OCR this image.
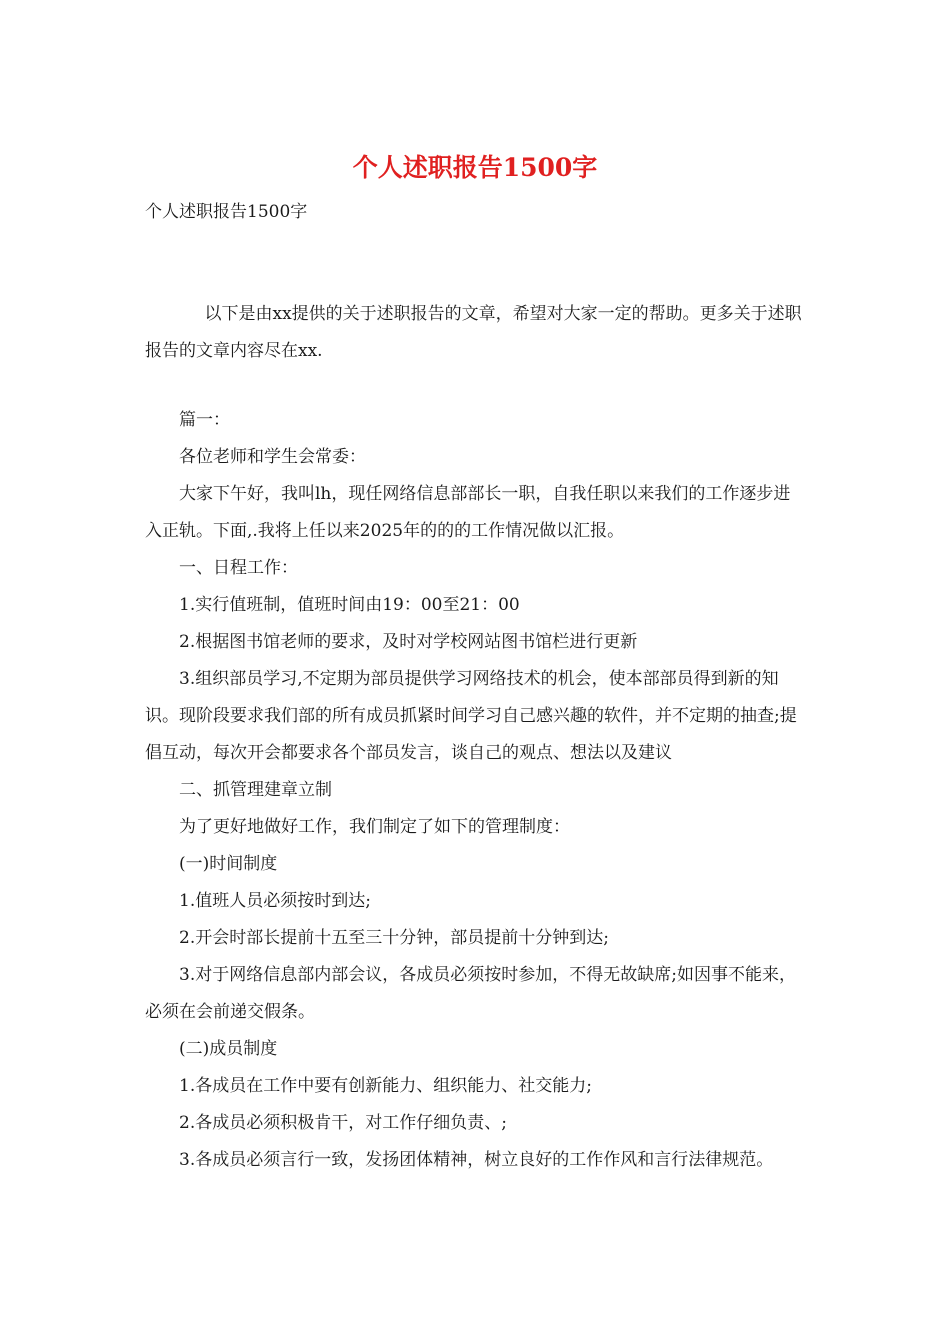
个人述职报告1500字
个人述职报告1500字

以下是由xx提供的关于述职报告的文章，希望对大家一定的帮助。更多关于述职报告的文章内容尽在xx.

篇一：

各位老师和学生会常委：

大家下午好，我叫lh，现任网络信息部部长一职，自我任职以来我们的工作逐步进入正轨。下面,.我将上任以来2025年的的的工作情况做以汇报。

一、日程工作：

1.实行值班制，值班时间由19：00至21：00

2.根据图书馆老师的要求，及时对学校网站图书馆栏进行更新

3.组织部员学习,不定期为部员提供学习网络技术的机会，使本部部员得到新的知识。现阶段要求我们部的所有成员抓紧时间学习自己感兴趣的软件，并不定期的抽查;提倡互动，每次开会都要求各个部员发言，谈自己的观点、想法以及建议

二、抓管理建章立制

为了更好地做好工作，我们制定了如下的管理制度：

(一)时间制度

1.值班人员必须按时到达;

2.开会时部长提前十五至三十分钟，部员提前十分钟到达;

3.对于网络信息部内部会议，各成员必须按时参加，不得无故缺席;如因事不能来，必须在会前递交假条。

(二)成员制度

1.各成员在工作中要有创新能力、组织能力、社交能力;

2.各成员必须积极肯干，对工作仔细负责、;

3.各成员必须言行一致，发扬团体精神，树立良好的工作作风和言行法律规范。
